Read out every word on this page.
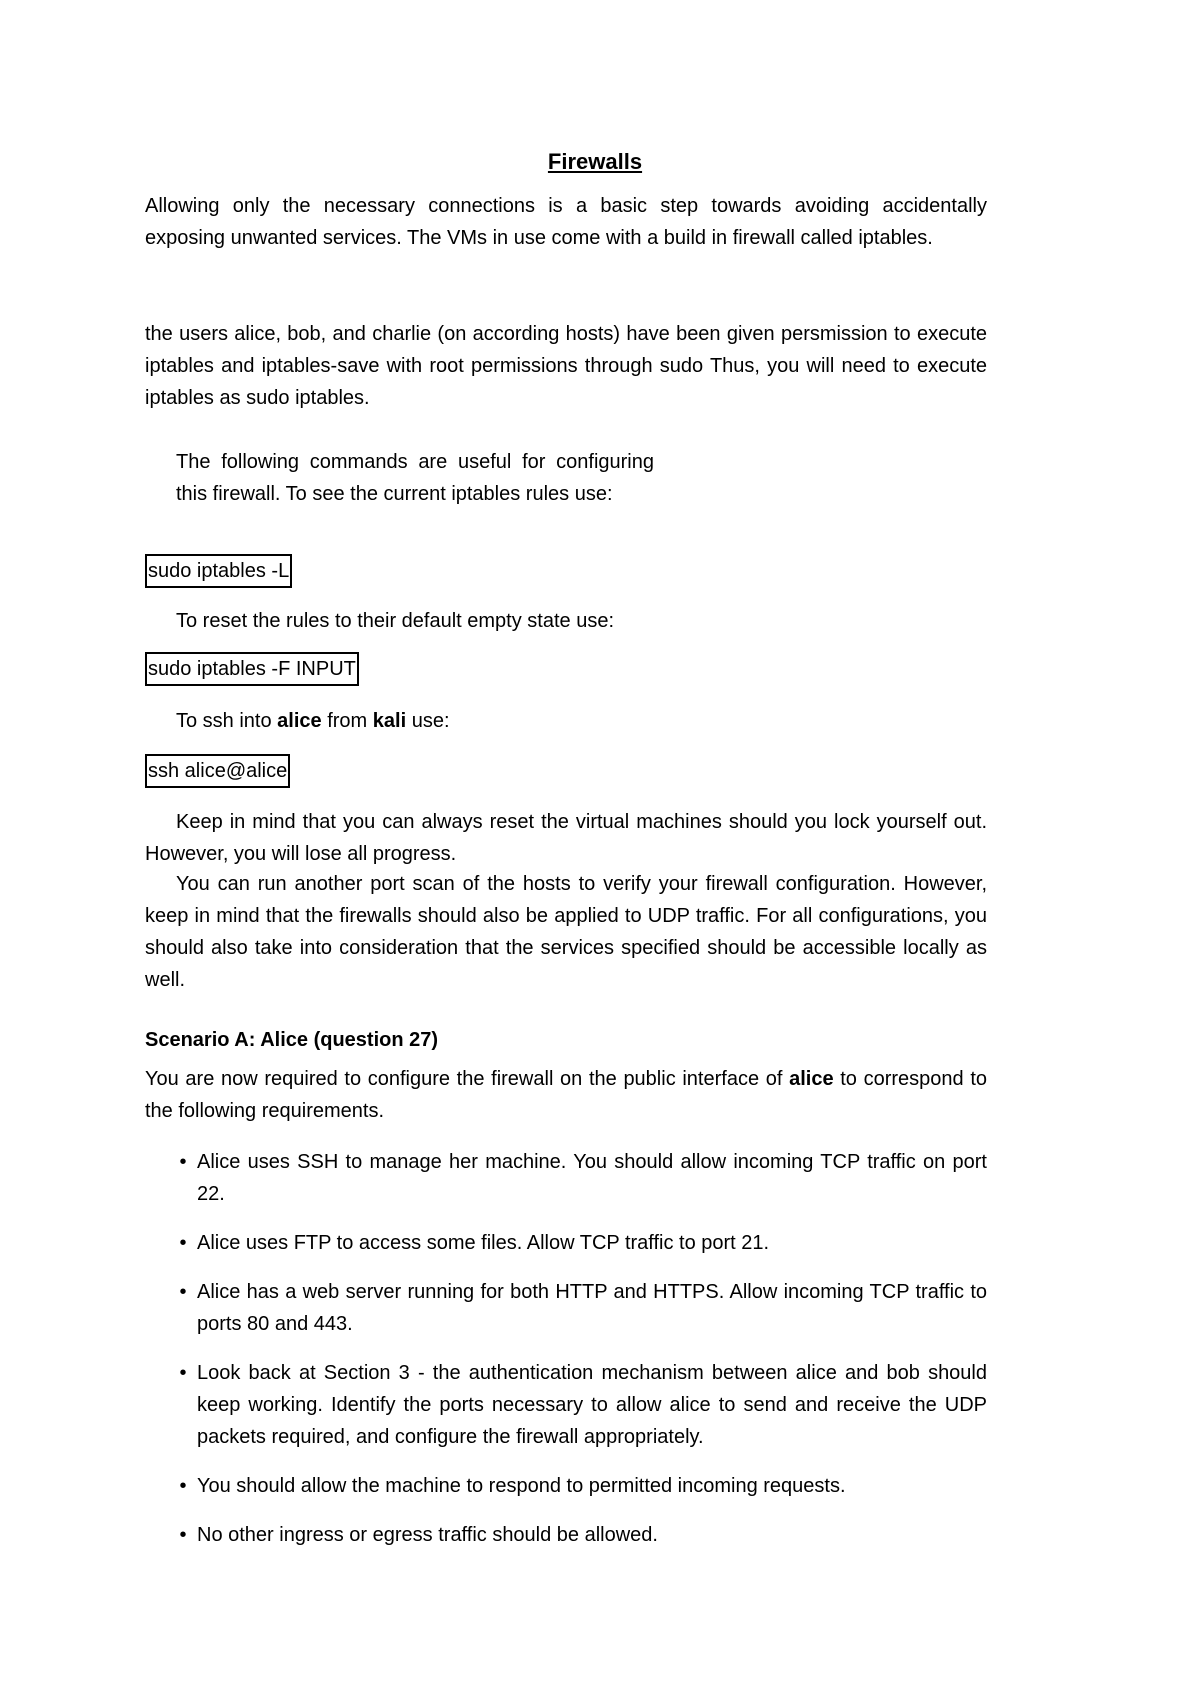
Firewalls
Allowing only the necessary connections is a basic step towards avoiding accidentally exposing unwanted services. The VMs in use come with a build in firewall called iptables.
the users alice, bob, and charlie (on according hosts) have been given persmission to execute iptables and iptables-save with root permissions through sudo Thus, you will need to execute iptables as sudo iptables.
The following commands are useful for configuring this firewall. To see the current iptables rules use:
sudo iptables -L
To reset the rules to their default empty state use:
sudo iptables -F INPUT
To ssh into alice from kali use:
ssh alice@alice
Keep in mind that you can always reset the virtual machines should you lock yourself out. However, you will lose all progress.
You can run another port scan of the hosts to verify your firewall configuration. However, keep in mind that the firewalls should also be applied to UDP traffic. For all configurations, you should also take into consideration that the services specified should be accessible locally as well.
Scenario A: Alice (question 27)
You are now required to configure the firewall on the public interface of alice to correspond to the following requirements.
• Alice uses SSH to manage her machine. You should allow incoming TCP traffic on port 22.
• Alice uses FTP to access some files. Allow TCP traffic to port 21.
• Alice has a web server running for both HTTP and HTTPS. Allow incoming TCP traffic to ports 80 and 443.
• Look back at Section 3 - the authentication mechanism between alice and bob should keep working. Identify the ports necessary to allow alice to send and receive the UDP packets required, and configure the firewall appropriately.
• You should allow the machine to respond to permitted incoming requests.
• No other ingress or egress traffic should be allowed.
